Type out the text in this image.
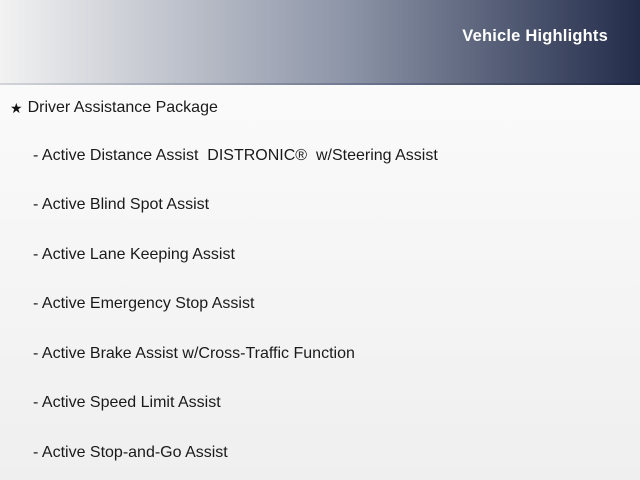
Vehicle Highlights
★ Driver Assistance Package
- Active Distance Assist  DISTRONIC®  w/Steering Assist
- Active Blind Spot Assist
- Active Lane Keeping Assist
- Active Emergency Stop Assist
- Active Brake Assist w/Cross-Traffic Function
- Active Speed Limit Assist
- Active Stop-and-Go Assist
